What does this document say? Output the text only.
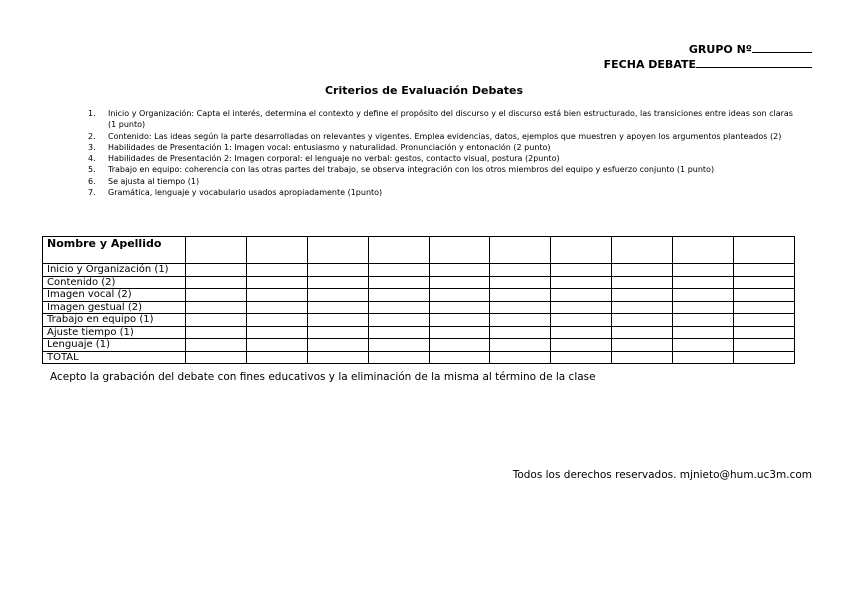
GRUPO Nº
FECHA DEBATE
Criterios de Evaluación Debates
1. Inicio y Organización: Capta el interés, determina el contexto y define el propósito del discurso y el discurso está bien estructurado, las transiciones entre ideas son claras (1 punto)
2. Contenido: Las ideas según la parte desarrolladas on relevantes y vigentes. Emplea evidencias, datos, ejemplos que muestren y apoyen los argumentos planteados (2)
3. Habilidades de Presentación 1: Imagen vocal: entusiasmo y naturalidad. Pronunciación y entonación (2 punto)
4. Habilidades de Presentación 2: Imagen corporal: el lenguaje no verbal: gestos, contacto visual, postura (2punto)
5. Trabajo en equipo: coherencia con las otras partes del trabajo, se observa integración con los otros miembros del equipo y esfuerzo conjunto (1 punto)
6. Se ajusta al tiempo (1)
7. Gramática, lenguaje y vocabulario usados apropiadamente (1punto)
Nombre y Apellido										
Inicio y Organización (1)										
Contenido (2)										
Imagen vocal (2)										
Imagen gestual (2)										
Trabajo en equipo (1)										
Ajuste tiempo (1)										
Lenguaje (1)										
TOTAL										
Acepto la grabación del debate con fines educativos y la eliminación de la misma al término de la clase
Todos los derechos reservados. mjnieto@hum.uc3m.com
